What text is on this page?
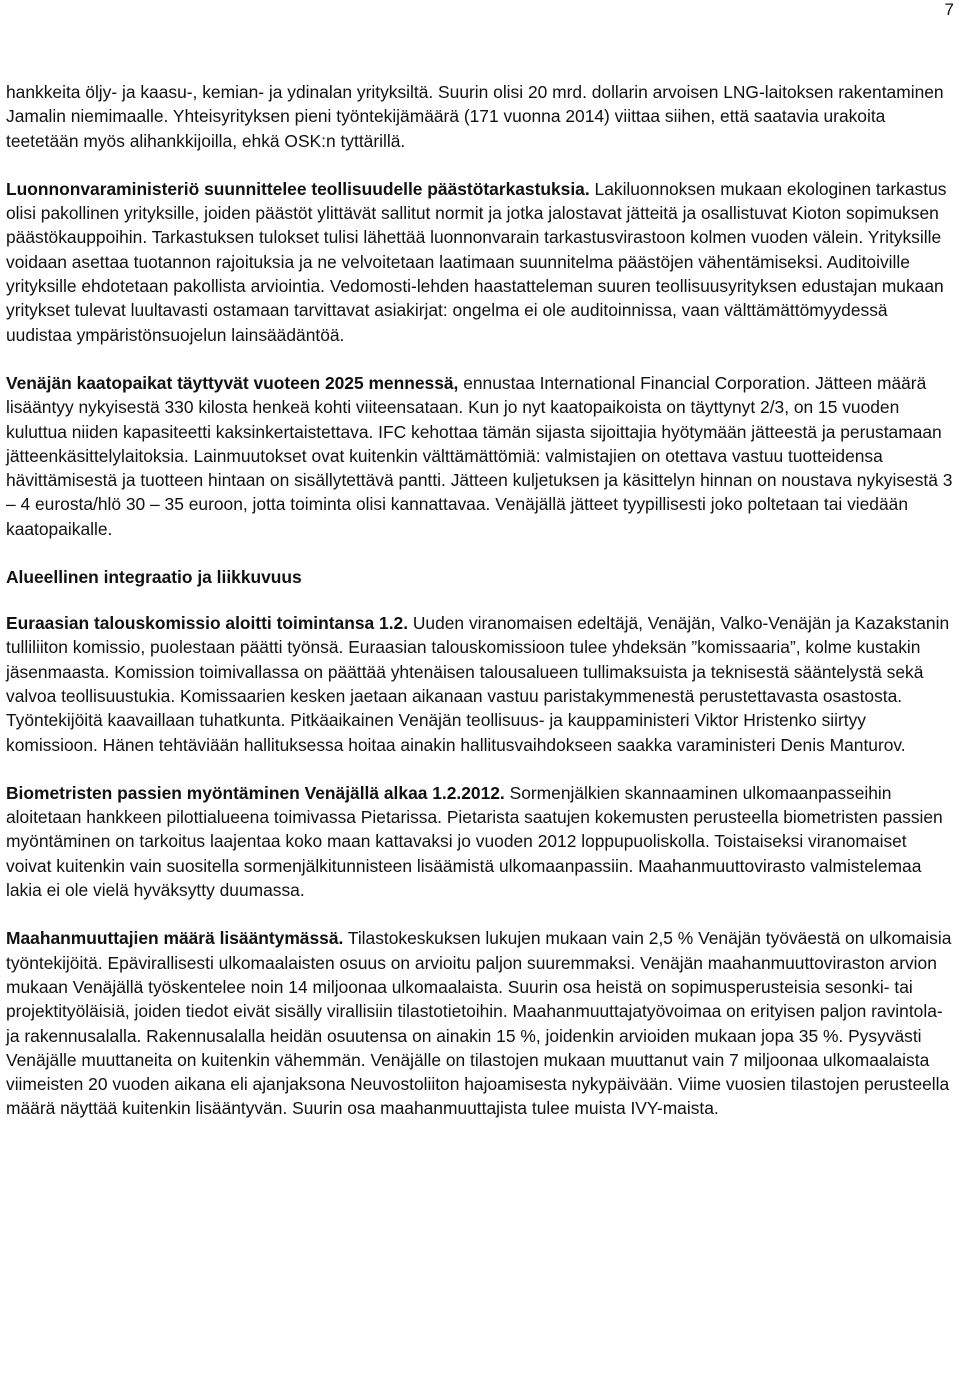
7

hankkeita öljy- ja kaasu-, kemian- ja ydinalan yrityksiltä. Suurin olisi 20 mrd. dollarin arvoisen LNG-laitoksen rakentaminen Jamalin niemimaalle. Yhteisyrityksen pieni työntekijämäärä (171 vuonna 2014) viittaa siihen, että saatavia urakoita teetetään myös alihankkijoilla, ehkä OSK:n tyttärillä.

Luonnonvaraministeriö suunnittelee teollisuudelle päästötarkastuksia. Lakiluonnoksen mukaan ekologinen tarkastus olisi pakollinen yrityksille, joiden päästöt ylittävät sallitut normit ja jotka jalostavat jätteitä ja osallistuvat Kioton sopimuksen päästökauppoihin. Tarkastuksen tulokset tulisi lähettää luonnonvarain tarkastusvirastoon kolmen vuoden välein. Yrityksille voidaan asettaa tuotannon rajoituksia ja ne velvoitetaan laatimaan suunnitelma päästöjen vähentämiseksi. Auditoiville yrityksille ehdotetaan pakollista arviointia. Vedomosti-lehden haastatteleman suuren teollisuusyrityksen edustajan mukaan yritykset tulevat luultavasti ostamaan tarvittavat asiakirjat: ongelma ei ole auditoinnissa, vaan välttämättömyydessä uudistaa ympäristönsuojelun lainsäädäntöä.

Venäjän kaatopaikat täyttyvät vuoteen 2025 mennessä, ennustaa International Financial Corporation. Jätteen määrä lisääntyy nykyisestä 330 kilosta henkeä kohti viiteensataan. Kun jo nyt kaatopaikoista on täyttynyt 2/3, on 15 vuoden kuluttua niiden kapasiteetti kaksinkertaistettava. IFC kehottaa tämän sijasta sijoittajia hyötymään jätteestä ja perustamaan jätteenkäsittelylaitoksia. Lainmuutokset ovat kuitenkin välttämättömiä: valmistajien on otettava vastuu tuotteidensa hävittämisestä ja tuotteen hintaan on sisällytettävä pantti. Jätteen kuljetuksen ja käsittelyn hinnan on noustava nykyisestä 3 – 4 eurosta/hlö 30 – 35 euroon, jotta toiminta olisi kannattavaa. Venäjällä jätteet tyypillisesti joko poltetaan tai viedään kaatopaikalle.

Alueellinen integraatio ja liikkuvuus

Euraasian talouskomissio aloitti toimintansa 1.2. Uuden viranomaisen edeltäjä, Venäjän, Valko-Venäjän ja Kazakstanin tulliliiton komissio, puolestaan päätti työnsä. Euraasian talouskomissioon tulee yhdeksän ”komissaaria”, kolme kustakin jäsenmaasta. Komission toimivallassa on päättää yhtenäisen talousalueen tullimaksuista ja teknisestä sääntelystä sekä valvoa teollisuustukia. Komissaarien kesken jaetaan aikanaan vastuu paristakymmenestä perustettavasta osastosta. Työntekijöitä kaavaillaan tuhatkunta. Pitkäaikainen Venäjän teollisuus- ja kauppaministeri Viktor Hristenko siirtyy komissioon. Hänen tehtäviään hallituksessa hoitaa ainakin hallitusvaihdokseen saakka varaministeri Denis Manturov.

Biometristen passien myöntäminen Venäjällä alkaa 1.2.2012. Sormenjälkien skannaaminen ulkomaanpasseihin aloitetaan hankkeen pilottialueena toimivassa Pietarissa. Pietarista saatujen kokemusten perusteella biometristen passien myöntäminen on tarkoitus laajentaa koko maan kattavaksi jo vuoden 2012 loppupuoliskolla. Toistaiseksi viranomaiset voivat kuitenkin vain suositella sormenjälkitunnisteen lisäämistä ulkomaanpassiin. Maahanmuuttovirasto valmistelemaa lakia ei ole vielä hyväksytty duumassa.

Maahanmuuttajien määrä lisääntymässä. Tilastokeskuksen lukujen mukaan vain 2,5 % Venäjän työväestä on ulkomaisia työntekijöitä. Epävirallisesti ulkomaalaisten osuus on arvioitu paljon suuremmaksi. Venäjän maahanmuuttoviraston arvion mukaan Venäjällä työskentelee noin 14 miljoonaa ulkomaalaista. Suurin osa heistä on sopimusperusteisia sesonki- tai projektityöläisiä, joiden tiedot eivät sisälly virallisiin tilastotietoihin. Maahanmuuttajatyövoimaa on erityisen paljon ravintola- ja rakennusalalla. Rakennusalalla heidän osuutensa on ainakin 15 %, joidenkin arvioiden mukaan jopa 35 %. Pysyvästi Venäjälle muuttaneita on kuitenkin vähemmän. Venäjälle on tilastojen mukaan muuttanut vain 7 miljoonaa ulkomaalaista viimeisten 20 vuoden aikana eli ajanjaksona Neuvostoliiton hajoamisesta nykypäivään. Viime vuosien tilastojen perusteella määrä näyttää kuitenkin lisääntyvän. Suurin osa maahanmuuttajista tulee muista IVY-maista.
